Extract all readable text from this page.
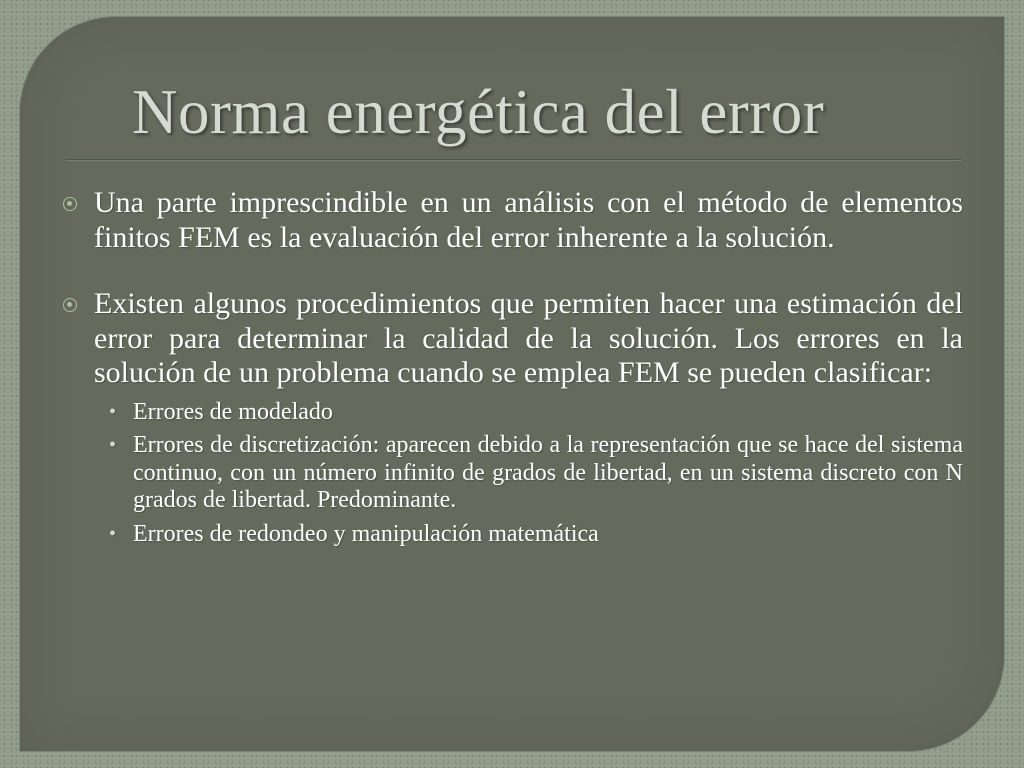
Norma energética del error

Una parte imprescindible en un análisis con el método de elementos finitos FEM es la evaluación del error inherente a la solución.

Existen algunos procedimientos que permiten hacer una estimación del error para determinar la calidad de la solución. Los errores en la solución de un problema cuando se emplea FEM se pueden clasificar:

• Errores de modelado
• Errores de discretización: aparecen debido a la representación que se hace del sistema continuo, con un número infinito de grados de libertad, en un sistema discreto con N grados de libertad. Predominante.
• Errores de redondeo y manipulación matemática
